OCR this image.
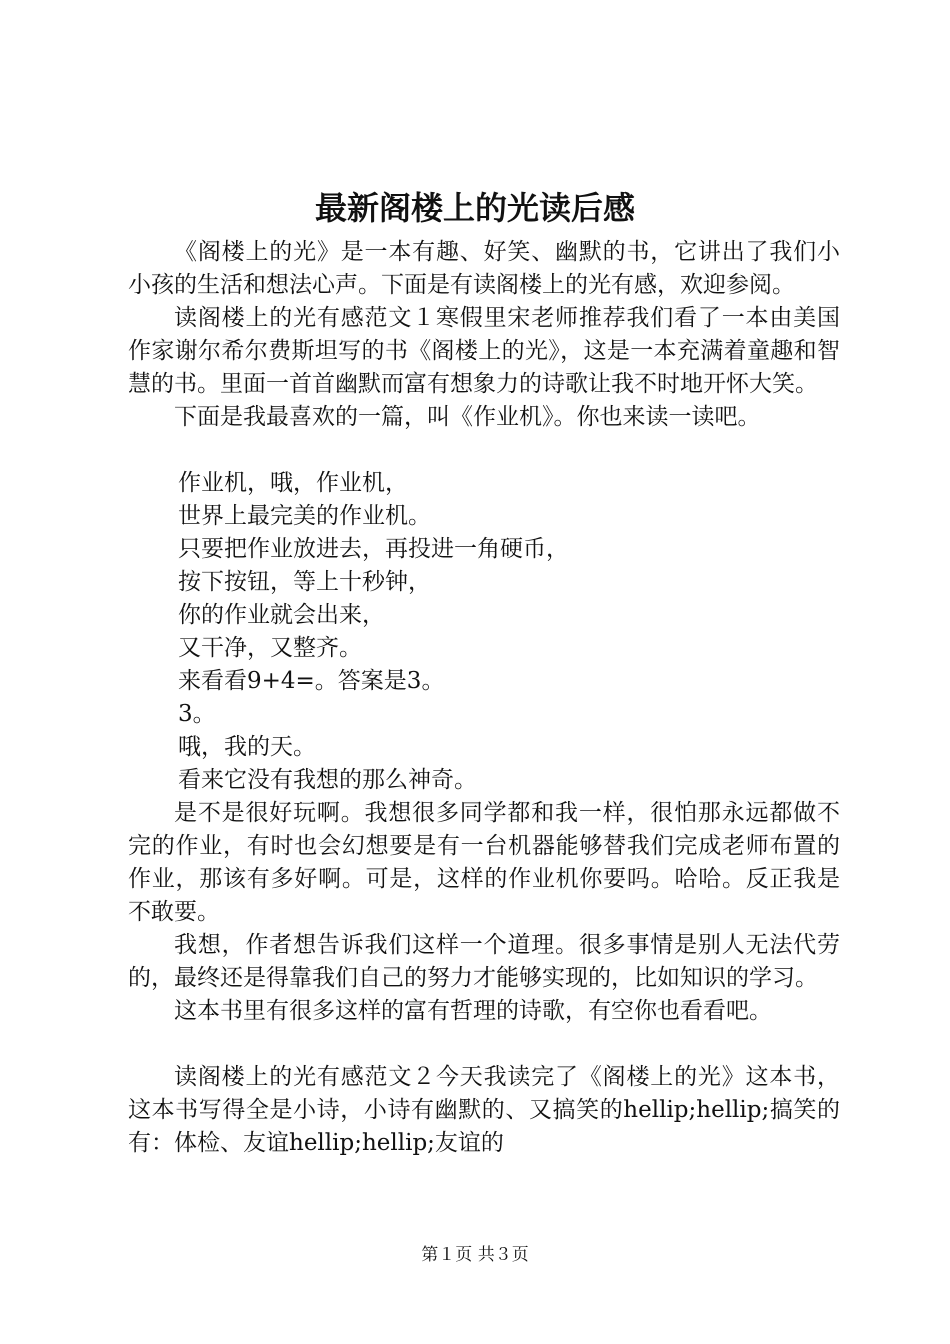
最新阁楼上的光读后感

《阁楼上的光》是一本有趣、好笑、幽默的书，它讲出了我们小小孩的生活和想法心声。下面是有读阁楼上的光有感，欢迎参阅。

读阁楼上的光有感范文１寒假里宋老师推荐我们看了一本由美国作家谢尔希尔费斯坦写的书《阁楼上的光》，这是一本充满着童趣和智慧的书。里面一首首幽默而富有想象力的诗歌让我不时地开怀大笑。

下面是我最喜欢的一篇，叫《作业机》。你也来读一读吧。

作业机，哦，作业机，

世界上最完美的作业机。

只要把作业放进去，再投进一角硬币，

按下按钮，等上十秒钟，

你的作业就会出来，

又干净，又整齐。

来看看9+4=。答案是3。

3。

哦，我的天。

看来它没有我想的那么神奇。

是不是很好玩啊。我想很多同学都和我一样，很怕那永远都做不完的作业，有时也会幻想要是有一台机器能够替我们完成老师布置的作业，那该有多好啊。可是，这样的作业机你要吗。哈哈。反正我是不敢要。

我想，作者想告诉我们这样一个道理。很多事情是别人无法代劳的，最终还是得靠我们自己的努力才能够实现的，比如知识的学习。

这本书里有很多这样的富有哲理的诗歌，有空你也看看吧。

读阁楼上的光有感范文２今天我读完了《阁楼上的光》这本书，这本书写得全是小诗，小诗有幽默的、又搞笑的hellip;hellip;搞笑的有：体检、友谊hellip;hellip;友谊的

第１页 共３页
